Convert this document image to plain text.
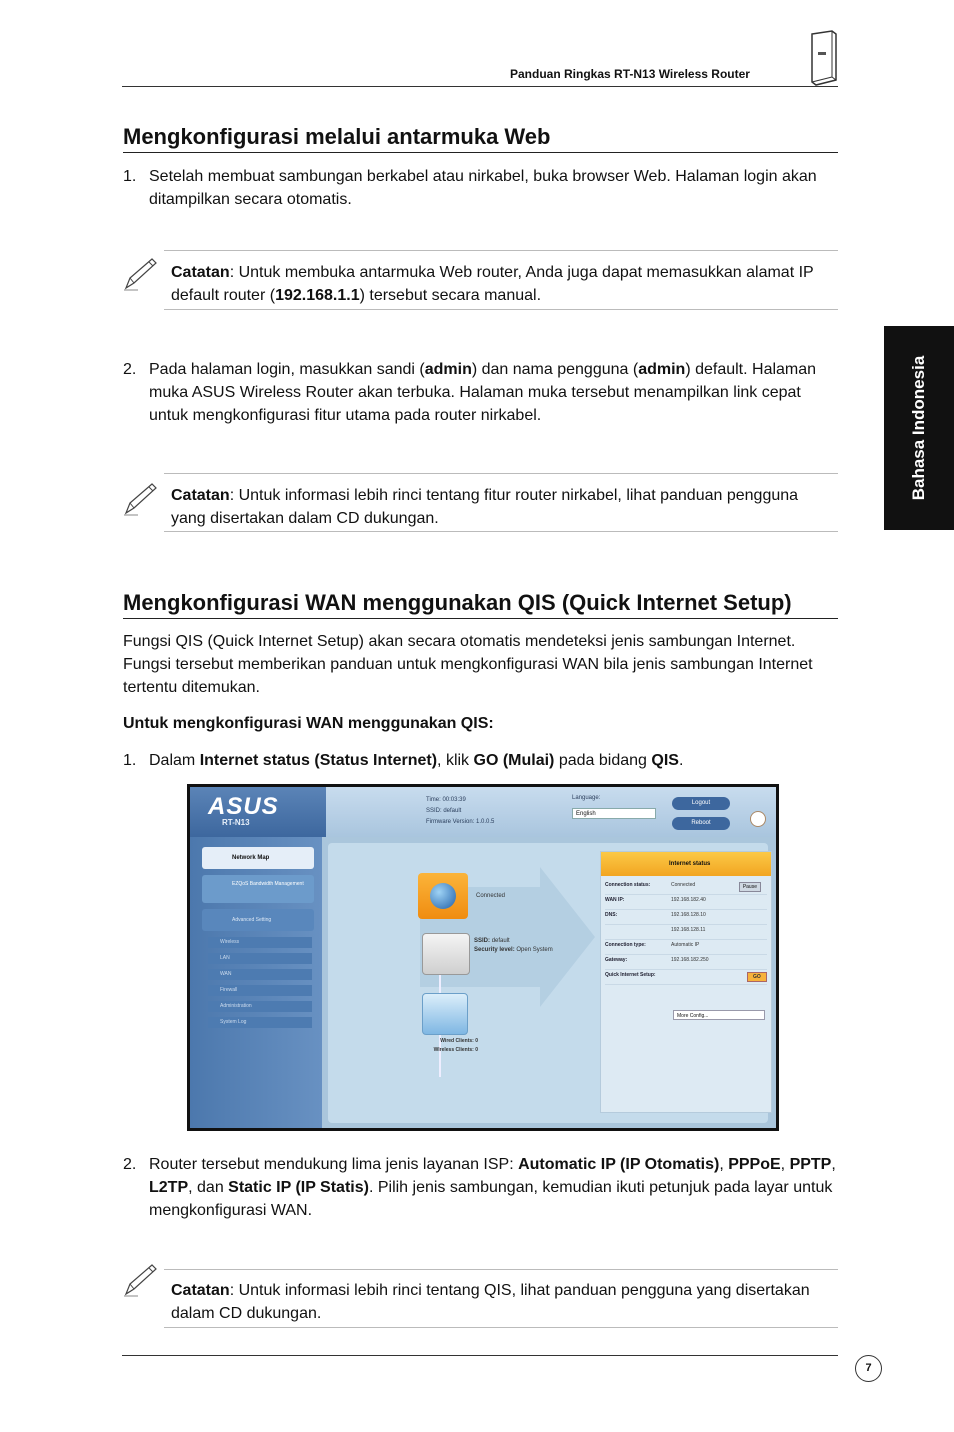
Panduan Ringkas RT-N13 Wireless Router
Bahasa Indonesia
Mengkonfigurasi melalui antarmuka Web
1. Setelah membuat sambungan berkabel atau nirkabel, buka browser Web. Halaman login akan ditampilkan secara otomatis.
Catatan: Untuk membuka antarmuka Web router, Anda juga dapat memasukkan alamat IP default router (192.168.1.1) tersebut secara manual.
2. Pada halaman login, masukkan sandi (admin) dan nama pengguna (admin) default. Halaman muka ASUS Wireless Router akan terbuka. Halaman muka tersebut menampilkan link cepat untuk mengkonfigurasi fitur utama pada router nirkabel.
Catatan: Untuk informasi lebih rinci tentang fitur router nirkabel, lihat panduan pengguna yang disertakan dalam CD dukungan.
Mengkonfigurasi WAN menggunakan QIS (Quick Internet Setup)
Fungsi QIS (Quick Internet Setup) akan secara otomatis mendeteksi jenis sambungan Internet. Fungsi tersebut memberikan panduan untuk mengkonfigurasi WAN bila jenis sambungan Internet tertentu ditemukan.
Untuk mengkonfigurasi WAN menggunakan QIS:
1. Dalam Internet status (Status Internet), klik GO (Mulai) pada bidang QIS.
ASUS
RT-N13
Time: 00:03:39
SSID: default
Firmware Version: 1.0.0.5
Language:
English
Logout
Reboot
Network Map
EZQoS Bandwidth Management
Advanced Setting
Wireless
LAN
WAN
Firewall
Administration
System Log
Connected
SSID: default
Security level: Open System
Wired Clients: 0
Wireless Clients: 0
Internet status
Connection status:	Connected	Pause
WAN IP:	192.168.182.40
DNS:	192.168.128.10
192.168.128.11
Connection type:	Automatic IP
Gateway:	192.168.182.250
Quick Internet Setup:	GO
More Config...
2. Router tersebut mendukung lima jenis layanan ISP: Automatic IP (IP Otomatis), PPPoE, PPTP, L2TP, dan Static IP (IP Statis). Pilih jenis sambungan, kemudian ikuti petunjuk pada layar untuk mengkonfigurasi WAN.
Catatan: Untuk informasi lebih rinci tentang QIS, lihat panduan pengguna yang disertakan dalam CD dukungan.
7
